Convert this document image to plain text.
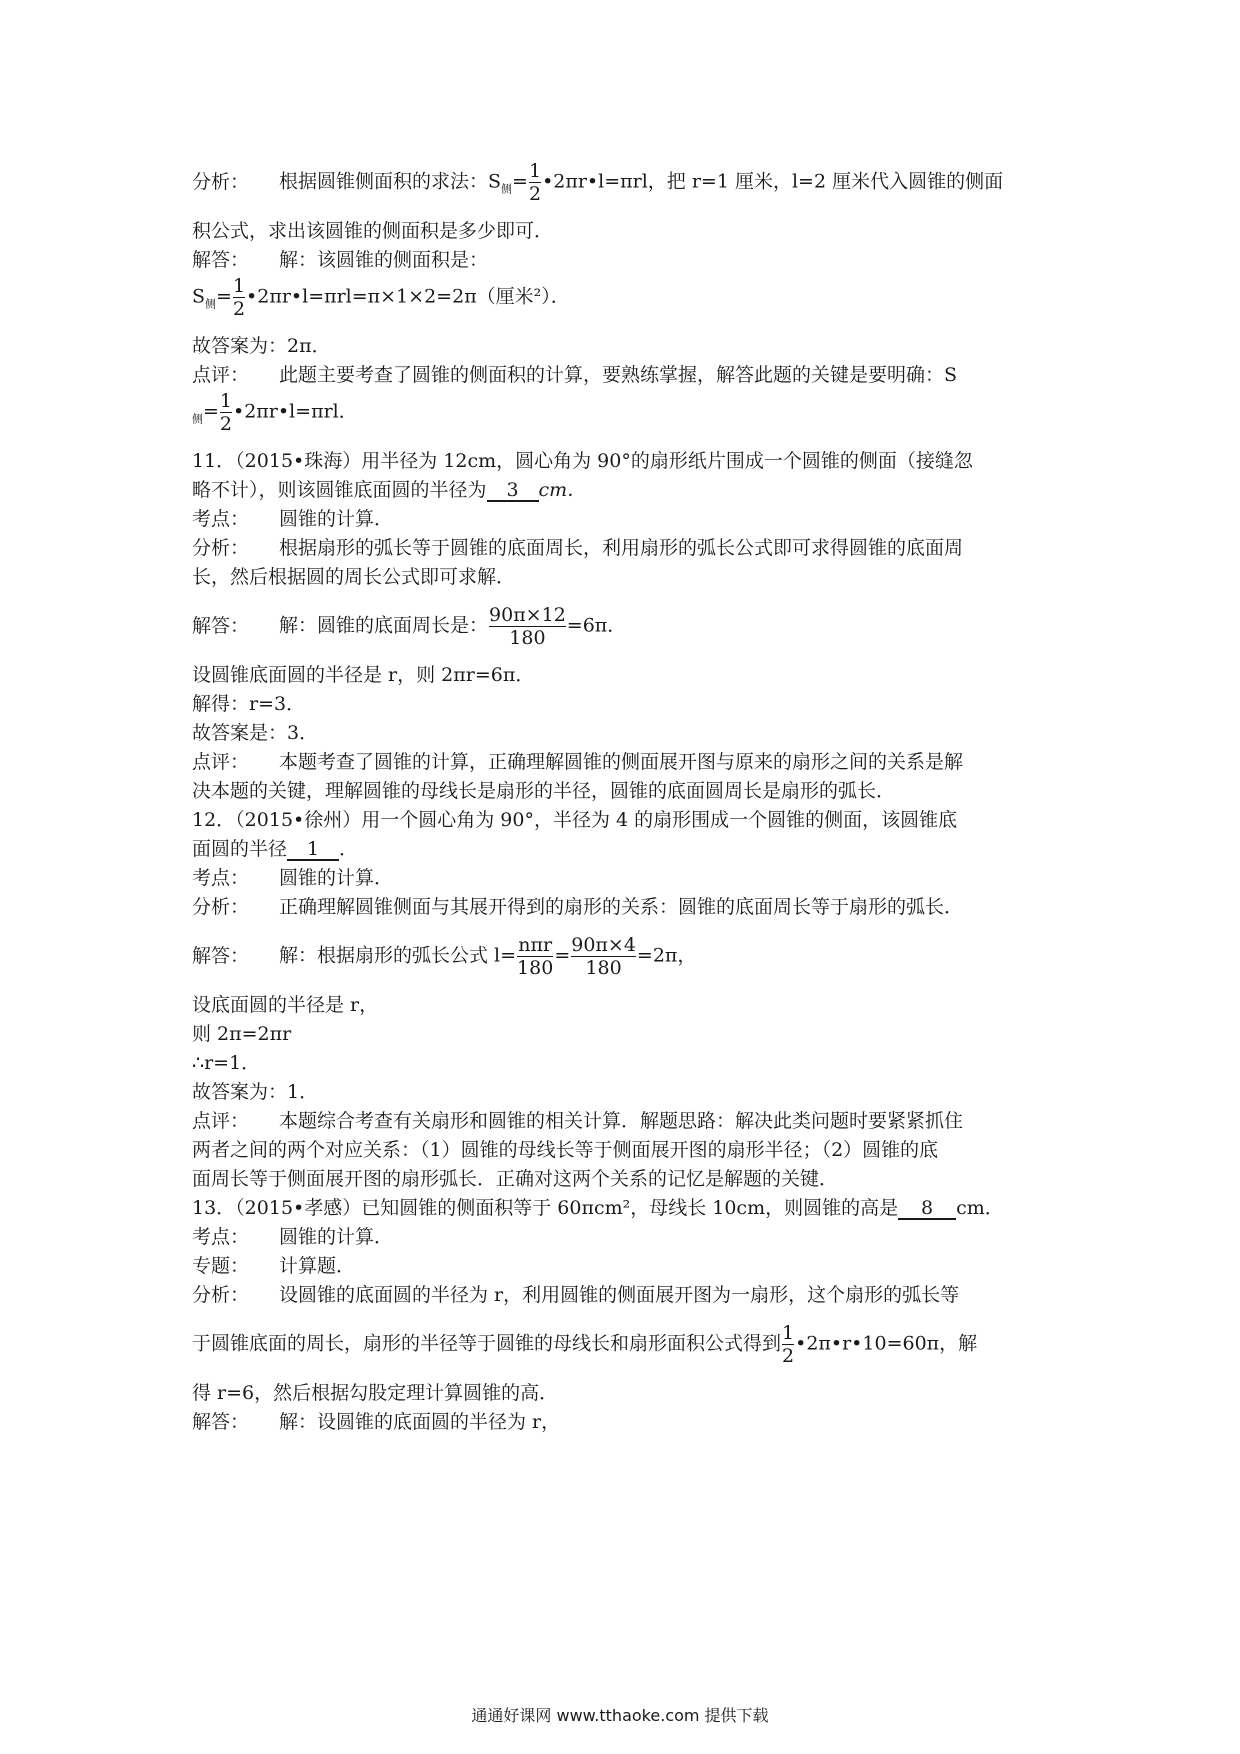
分析： 根据圆锥侧面积的求法：$S_侧= \frac{1}{2}$ •2πr•l=πrl，把 r=1 厘米，l=2 厘米代入圆锥的侧面
积公式，求出该圆锥的侧面积是多少即可．
解答： 解：该圆锥的侧面积是：
$S_侧= \frac{1}{2}$ •2πr•l=πrl=π×1×2=2π（厘米²）．
故答案为：2π．
点评： 此题主要考查了圆锥的侧面积的计算，要熟练掌握，解答此题的关键是要明确：S
$_侧= \frac{1}{2}$ •2πr•l=πrl．
11．（2015•珠海）用半径为 12cm，圆心角为 90°的扇形纸片围成一个圆锥的侧面（接缝忽
略不计），则该圆锥底面圆的半径为 3 cm．
考点： 圆锥的计算．
分析： 根据扇形的弧长等于圆锥的底面周长，利用扇形的弧长公式即可求得圆锥的底面周
长，然后根据圆的周长公式即可求解．
解答： 解：圆锥的底面周长是： $\frac{90\pi\times 12}{180} =6\pi$．
设圆锥底面圆的半径是 r，则 2πr=6π．
解得：r=3．
故答案是：3．
点评： 本题考查了圆锥的计算，正确理解圆锥的侧面展开图与原来的扇形之间的关系是解
决本题的关键，理解圆锥的母线长是扇形的半径，圆锥的底面圆周长是扇形的弧长．
12．（2015•徐州）用一个圆心角为 90°，半径为 4 的扇形围成一个圆锥的侧面，该圆锥底
面圆的半径 1 ．
考点： 圆锥的计算．
分析： 正确理解圆锥侧面与其展开得到的扇形的关系：圆锥的底面周长等于扇形的弧长．
解答： 解：根据扇形的弧长公式 $l= \frac{\text{nπr}}{180} = \frac{90\pi\times 4}{180} =2\pi$，
设底面圆的半径是 r，
则 2π=2πr
∴r=1．
故答案为：1．
点评： 本题综合考查有关扇形和圆锥的相关计算．解题思路：解决此类问题时要紧紧抓住
两者之间的两个对应关系：（1）圆锥的母线长等于侧面展开图的扇形半径；（2）圆锥的底
面周长等于侧面展开图的扇形弧长．正确对这两个关系的记忆是解题的关键．
13．（2015•孝感）已知圆锥的侧面积等于 60πcm²，母线长 10cm，则圆锥的高是 8 cm．
考点： 圆锥的计算．
专题： 计算题．
分析： 设圆锥的底面圆的半径为 r，利用圆锥的侧面展开图为一扇形，这个扇形的弧长等
于圆锥底面的周长，扇形的半径等于圆锥的母线长和扇形面积公式得到 $\frac{1}{2}$ •2π•r•10=60π，解
得 r=6，然后根据勾股定理计算圆锥的高．
解答： 解：设圆锥的底面圆的半径为 r，
通通好课网 www.tthaoke.com 提供下载
